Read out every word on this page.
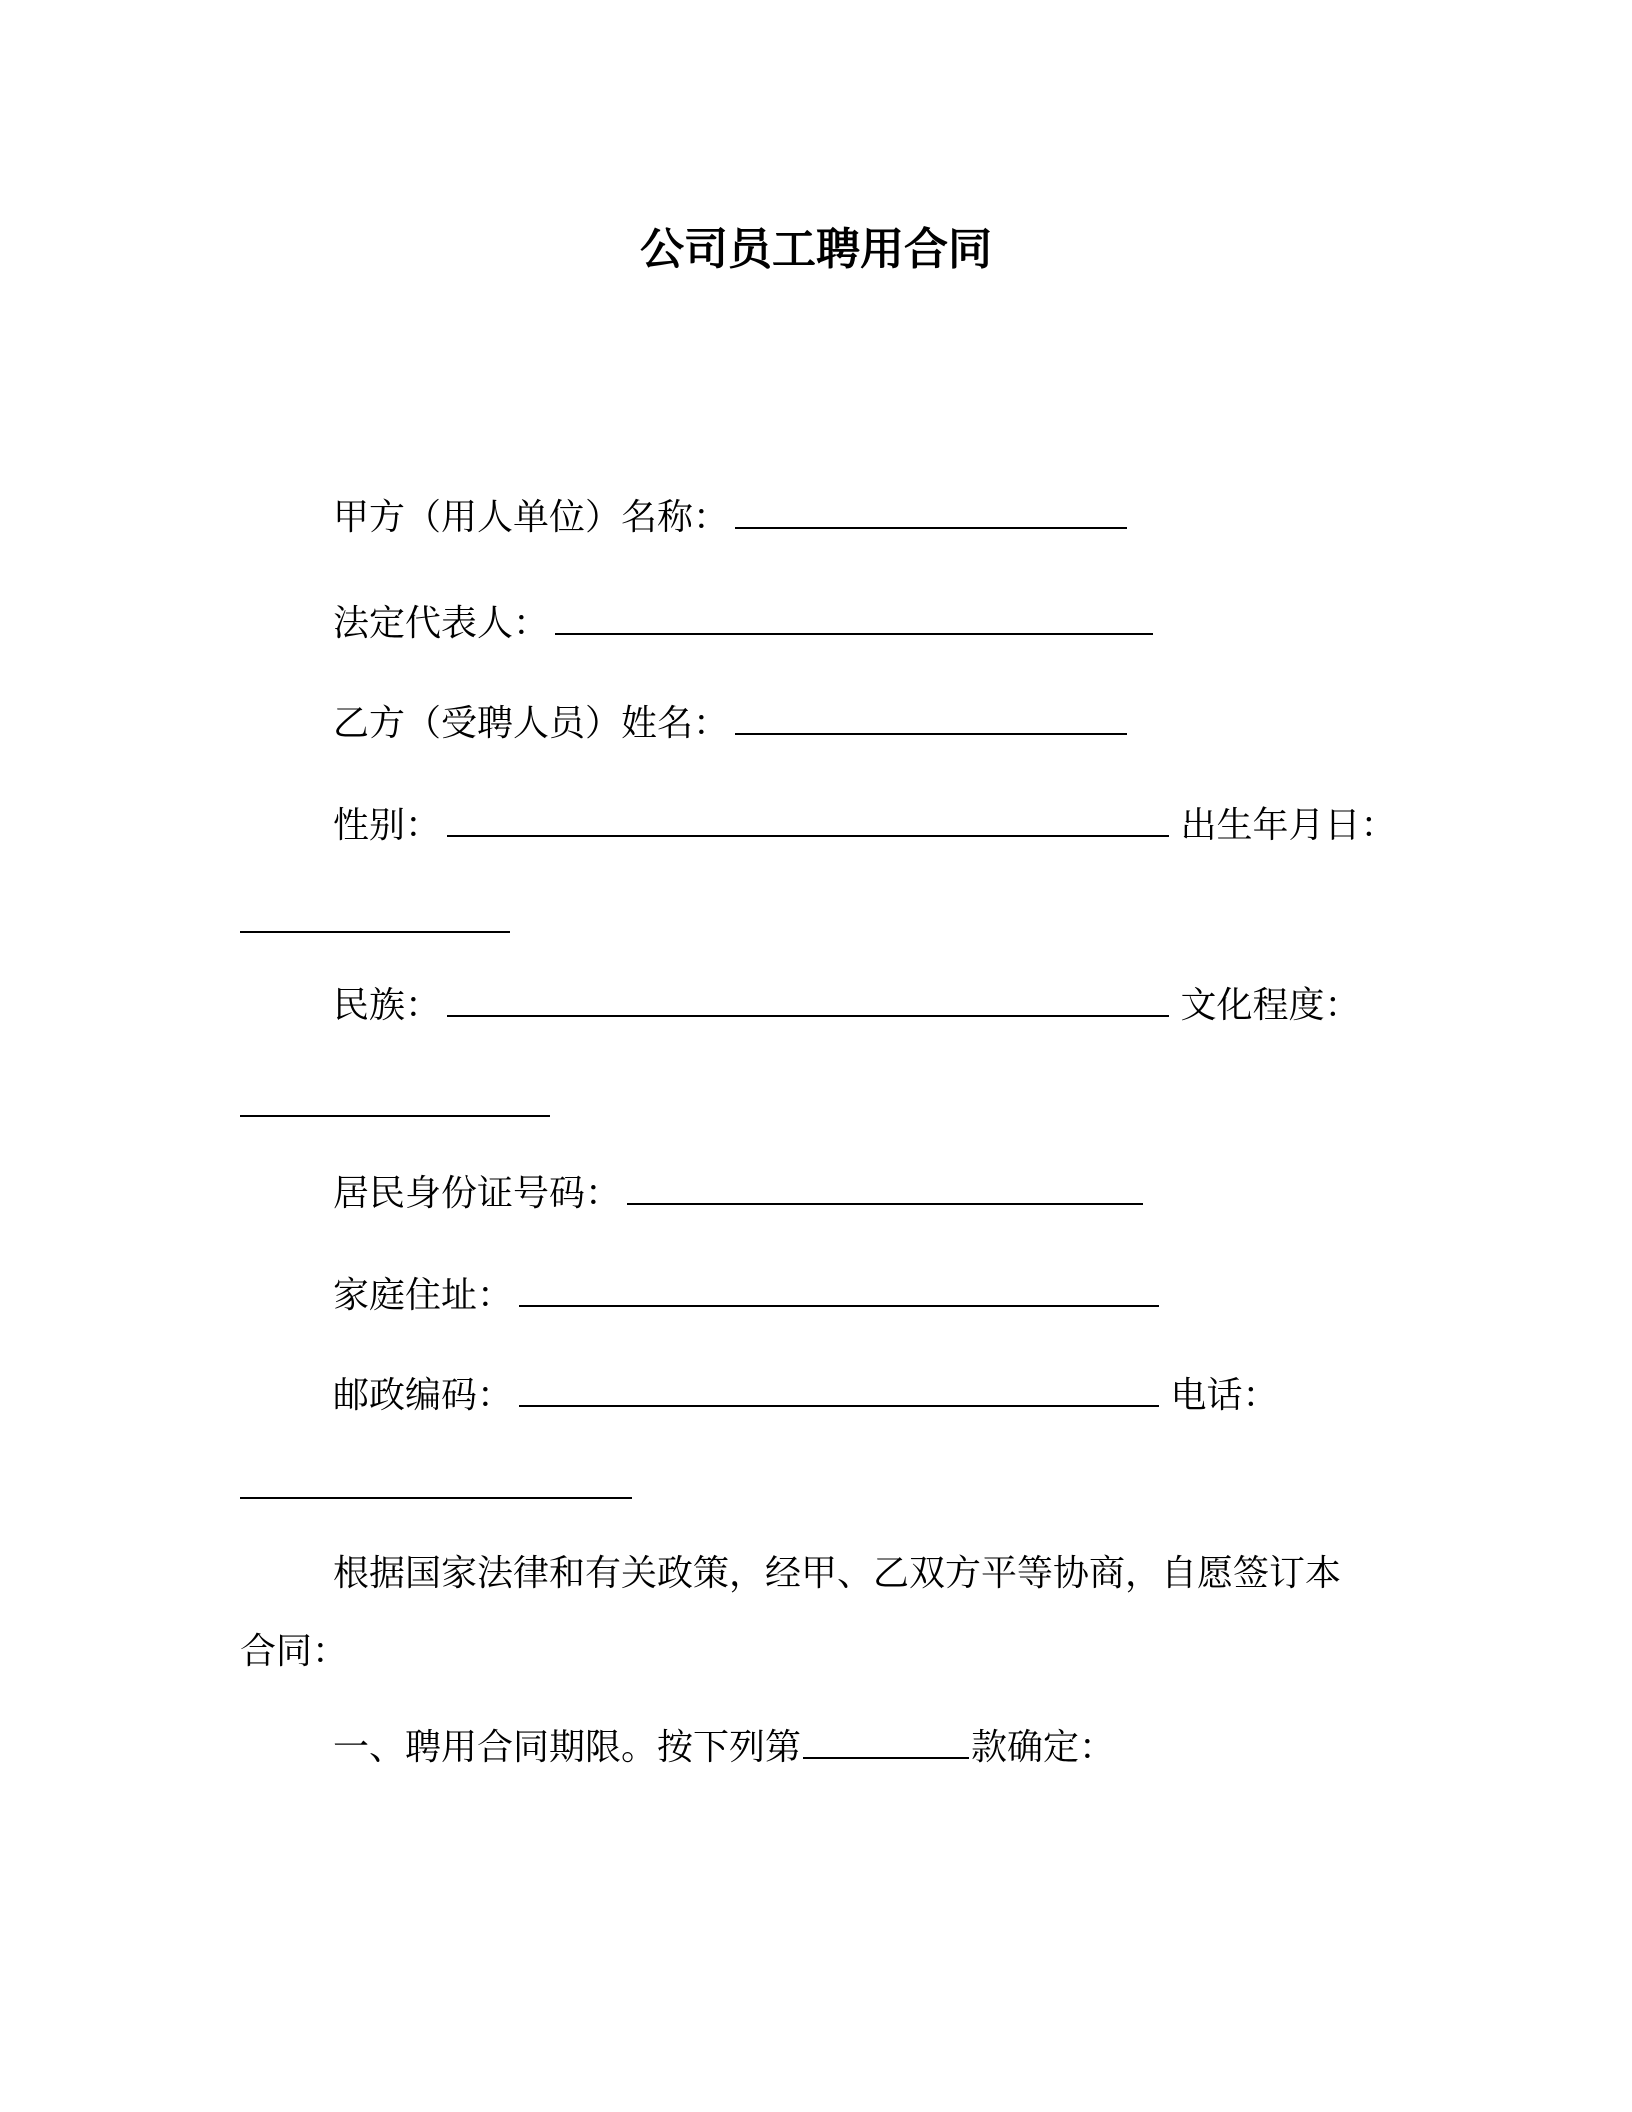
公司员工聘用合同

甲方（用人单位）名称：

法定代表人：

乙方（受聘人员）姓名：

性别：	出生年月日：

民族：	文化程度：

居民身份证号码：

家庭住址：

邮政编码：	电话：

根据国家法律和有关政策，经甲、乙双方平等协商，自愿签订本

合同：

一、聘用合同期限。按下列第	款确定：
